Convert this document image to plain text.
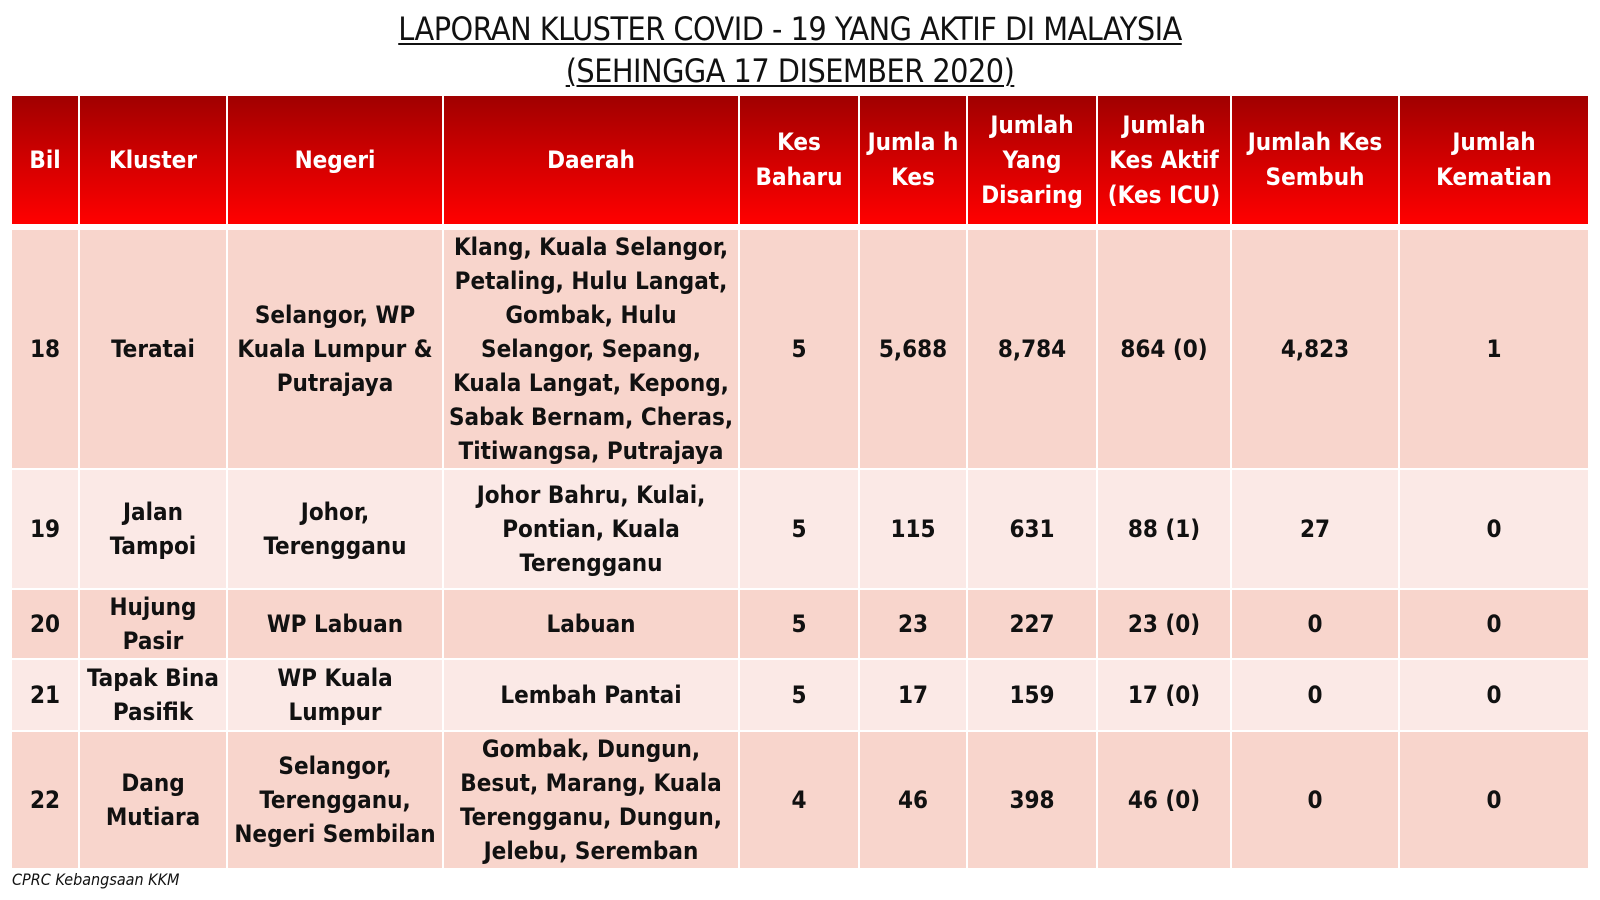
LAPORAN KLUSTER COVID - 19 YANG AKTIF DI MALAYSIA
(SEHINGGA 17 DISEMBER 2020)
Bil	Kluster	Negeri	Daerah	Kes Baharu	Jumla h Kes	Jumlah Yang Disaring	Jumlah Kes Aktif (Kes ICU)	Jumlah Kes Sembuh	Jumlah Kematian
18	Teratai	Selangor, WP Kuala Lumpur & Putrajaya	Klang, Kuala Selangor, Petaling, Hulu Langat, Gombak, Hulu Selangor, Sepang, Kuala Langat, Kepong, Sabak Bernam, Cheras, Titiwangsa, Putrajaya	5	5,688	8,784	864 (0)	4,823	1
19	Jalan Tampoi	Johor, Terengganu	Johor Bahru, Kulai, Pontian, Kuala Terengganu	5	115	631	88 (1)	27	0
20	Hujung Pasir	WP Labuan	Labuan	5	23	227	23 (0)	0	0
21	Tapak Bina Pasifik	WP Kuala Lumpur	Lembah Pantai	5	17	159	17 (0)	0	0
22	Dang Mutiara	Selangor, Terengganu, Negeri Sembilan	Gombak, Dungun, Besut, Marang, Kuala Terengganu, Dungun, Jelebu, Seremban	4	46	398	46 (0)	0	0
CPRC Kebangsaan KKM
